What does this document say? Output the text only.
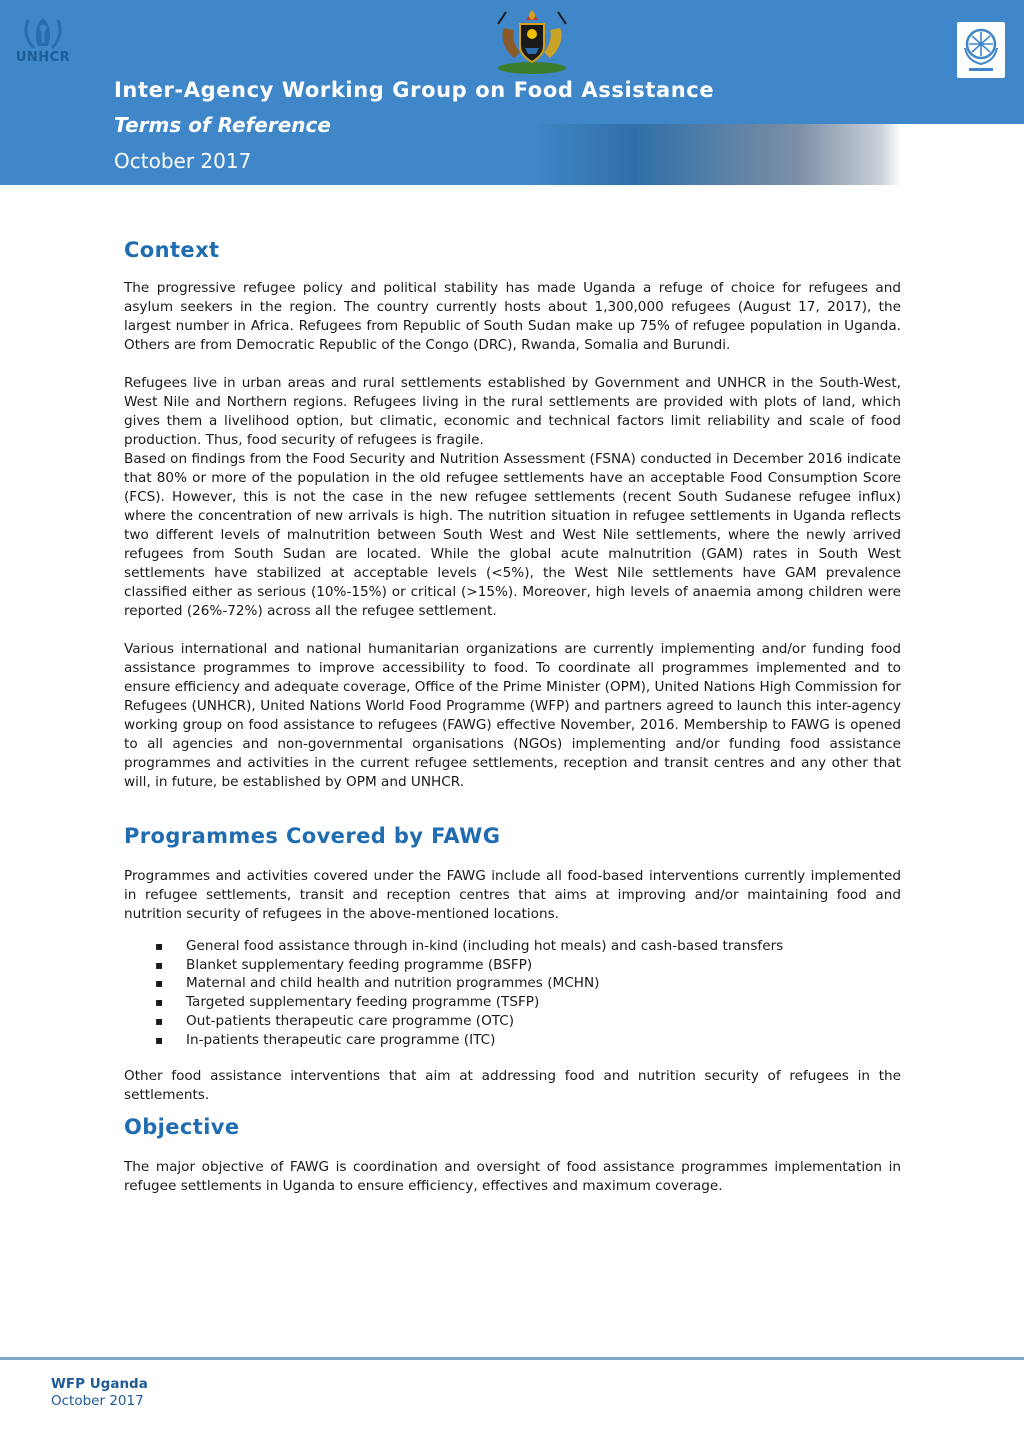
UNHCR
Inter-Agency Working Group on Food Assistance
Terms of Reference
October 2017
Context

The progressive refugee policy and political stability has made Uganda a refuge of choice for refugees and asylum seekers in the region. The country currently hosts about 1,300,000 refugees (August 17, 2017), the largest number in Africa. Refugees from Republic of South Sudan make up 75% of refugee population in Uganda. Others are from Democratic Republic of the Congo (DRC), Rwanda, Somalia and Burundi.

Refugees live in urban areas and rural settlements established by Government and UNHCR in the South-West, West Nile and Northern regions. Refugees living in the rural settlements are provided with plots of land, which gives them a livelihood option, but climatic, economic and technical factors limit reliability and scale of food production. Thus, food security of refugees is fragile.

Based on findings from the Food Security and Nutrition Assessment (FSNA) conducted in December 2016 indicate that 80% or more of the population in the old refugee settlements have an acceptable Food Consumption Score (FCS). However, this is not the case in the new refugee settlements (recent South Sudanese refugee influx) where the concentration of new arrivals is high. The nutrition situation in refugee settlements in Uganda reflects two different levels of malnutrition between South West and West Nile settlements, where the newly arrived refugees from South Sudan are located. While the global acute malnutrition (GAM) rates in South West settlements have stabilized at acceptable levels (<5%), the West Nile settlements have GAM prevalence classified either as serious (10%-15%) or critical (>15%). Moreover, high levels of anaemia among children were reported (26%-72%) across all the refugee settlement.

Various international and national humanitarian organizations are currently implementing and/or funding food assistance programmes to improve accessibility to food. To coordinate all programmes implemented and to ensure efficiency and adequate coverage, Office of the Prime Minister (OPM), United Nations High Commission for Refugees (UNHCR), United Nations World Food Programme (WFP) and partners agreed to launch this inter-agency working group on food assistance to refugees (FAWG) effective November, 2016. Membership to FAWG is opened to all agencies and non-governmental organisations (NGOs) implementing and/or funding food assistance programmes and activities in the current refugee settlements, reception and transit centres and any other that will, in future, be established by OPM and UNHCR.

Programmes Covered by FAWG

Programmes and activities covered under the FAWG include all food-based interventions currently implemented in refugee settlements, transit and reception centres that aims at improving and/or maintaining food and nutrition security of refugees in the above-mentioned locations.

▪ General food assistance through in-kind (including hot meals) and cash-based transfers
▪ Blanket supplementary feeding programme (BSFP)
▪ Maternal and child health and nutrition programmes (MCHN)
▪ Targeted supplementary feeding programme (TSFP)
▪ Out-patients therapeutic care programme (OTC)
▪ In-patients therapeutic care programme (ITC)

Other food assistance interventions that aim at addressing food and nutrition security of refugees in the settlements.

Objective

The major objective of FAWG is coordination and oversight of food assistance programmes implementation in refugee settlements in Uganda to ensure efficiency, effectives and maximum coverage.

WFP Uganda
October 2017
